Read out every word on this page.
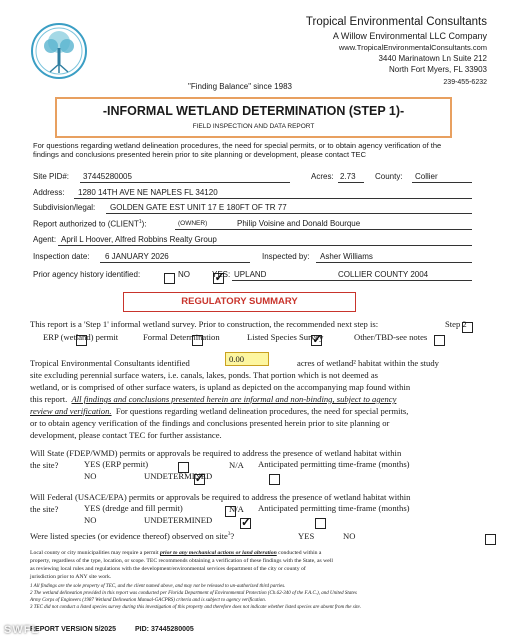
Tropical Environmental Consultants
A Willow Environmental LLC Company
www.TropicalEnvironmentalConsultants.com
3440 Marinatown Ln Suite 212
North Fort Myers, FL 33903
239-455-6232
"Finding Balance" since 1983
-INFORMAL WETLAND DETERMINATION (STEP 1)-
FIELD INSPECTION AND DATA REPORT
For questions regarding wetland delineation procedures, the need for special permits, or to obtain agency verification of the findings and conclusions presented herein prior to site planning or development, please contact TEC
Site PID#: 37445280005	Acres: 2.73 County: Collier
Address: 1280 14TH AVE NE NAPLES FL 34120
Subdivision/legal: GOLDEN GATE EST UNIT 17 E 180FT OF TR 77
Report authorized to (CLIENT$^1$):	(OWNER)	Philip Voisine and Donald Bourque
Agent: April L Hoover, Alfred Robbins Realty Group
Inspection date: 6 JANUARY 2026	Inspected by: Asher Williams
Prior agency history identified:
	NO ✓	YES: UPLAND	COLLIER COUNTY 2004
REGULATORY SUMMARY
This report is a 'Step 1' informal wetland survey. Prior to construction, the recommended next step is:
	Step 2

ERP (wetland) permit
	Formal Determination ✓	Listed Species Survey
	Other/TBD-see notes
Tropical Environmental Consultants identified	0.00	acres of wetland² habitat within the study
site excluding perennial surface waters, i.e. canals, lakes, ponds. That portion which is not deemed as
wetland, or is comprised of other surface waters, is upland as depicted on the accompanying map found within
this report.  All findings and conclusions presented herein are informal and non-binding, subject to agency
review and verification.  For questions regarding wetland delineation procedures, the need for special permits,
or to obtain agency verification of the findings and conclusions presented herein prior to site planning or
development, please contact TEC for further assistance.
Will State (FDEP/WMD) permits or approvals be required to address the presence of wetland habitat within
the site?
	YES (ERP permit)	N/A Anticipated permitting time-frame (months)
✓
NO
	UNDETERMINED
Will Federal (USACE/EPA) permits or approvals be required to address the presence of wetland habitat within
the site?
	YES (dredge and fill permit)	N/A Anticipated permitting time-frame (months)
✓
NO
	UNDETERMINED
Were listed species (or evidence thereof) observed on site$^3$?
	YES	NO
Local county or city municipalities may require a permit prior to any mechanical actions or land alteration conducted within a
property, regardless of the type, location, or scope. TEC recommends obtaining a verification of these findings with the State, as well
as reviewing local rules and regulations with the development/environmental services department of the city or county of
jurisdiction prior to ANY site work.
1 All findings are the sole property of TEC, and the client named above, and may not be released to un-authorized third parties.
2 The wetland delineation provided in this report was conducted per Florida Department of Environmental Protection (Ch.62-340 of the F.A.C.), and United States
Army Corps of Engineers (1987 Wetland Delineation Manual-GACPRS) criteria and is subject to agency verification.
3 TEC did not conduct a listed species survey during this investigation of this property and therefore does not indicate whether listed species are absent from the site.
REPORT VERSION 5/2025	PID: 37445280005
SWFL
